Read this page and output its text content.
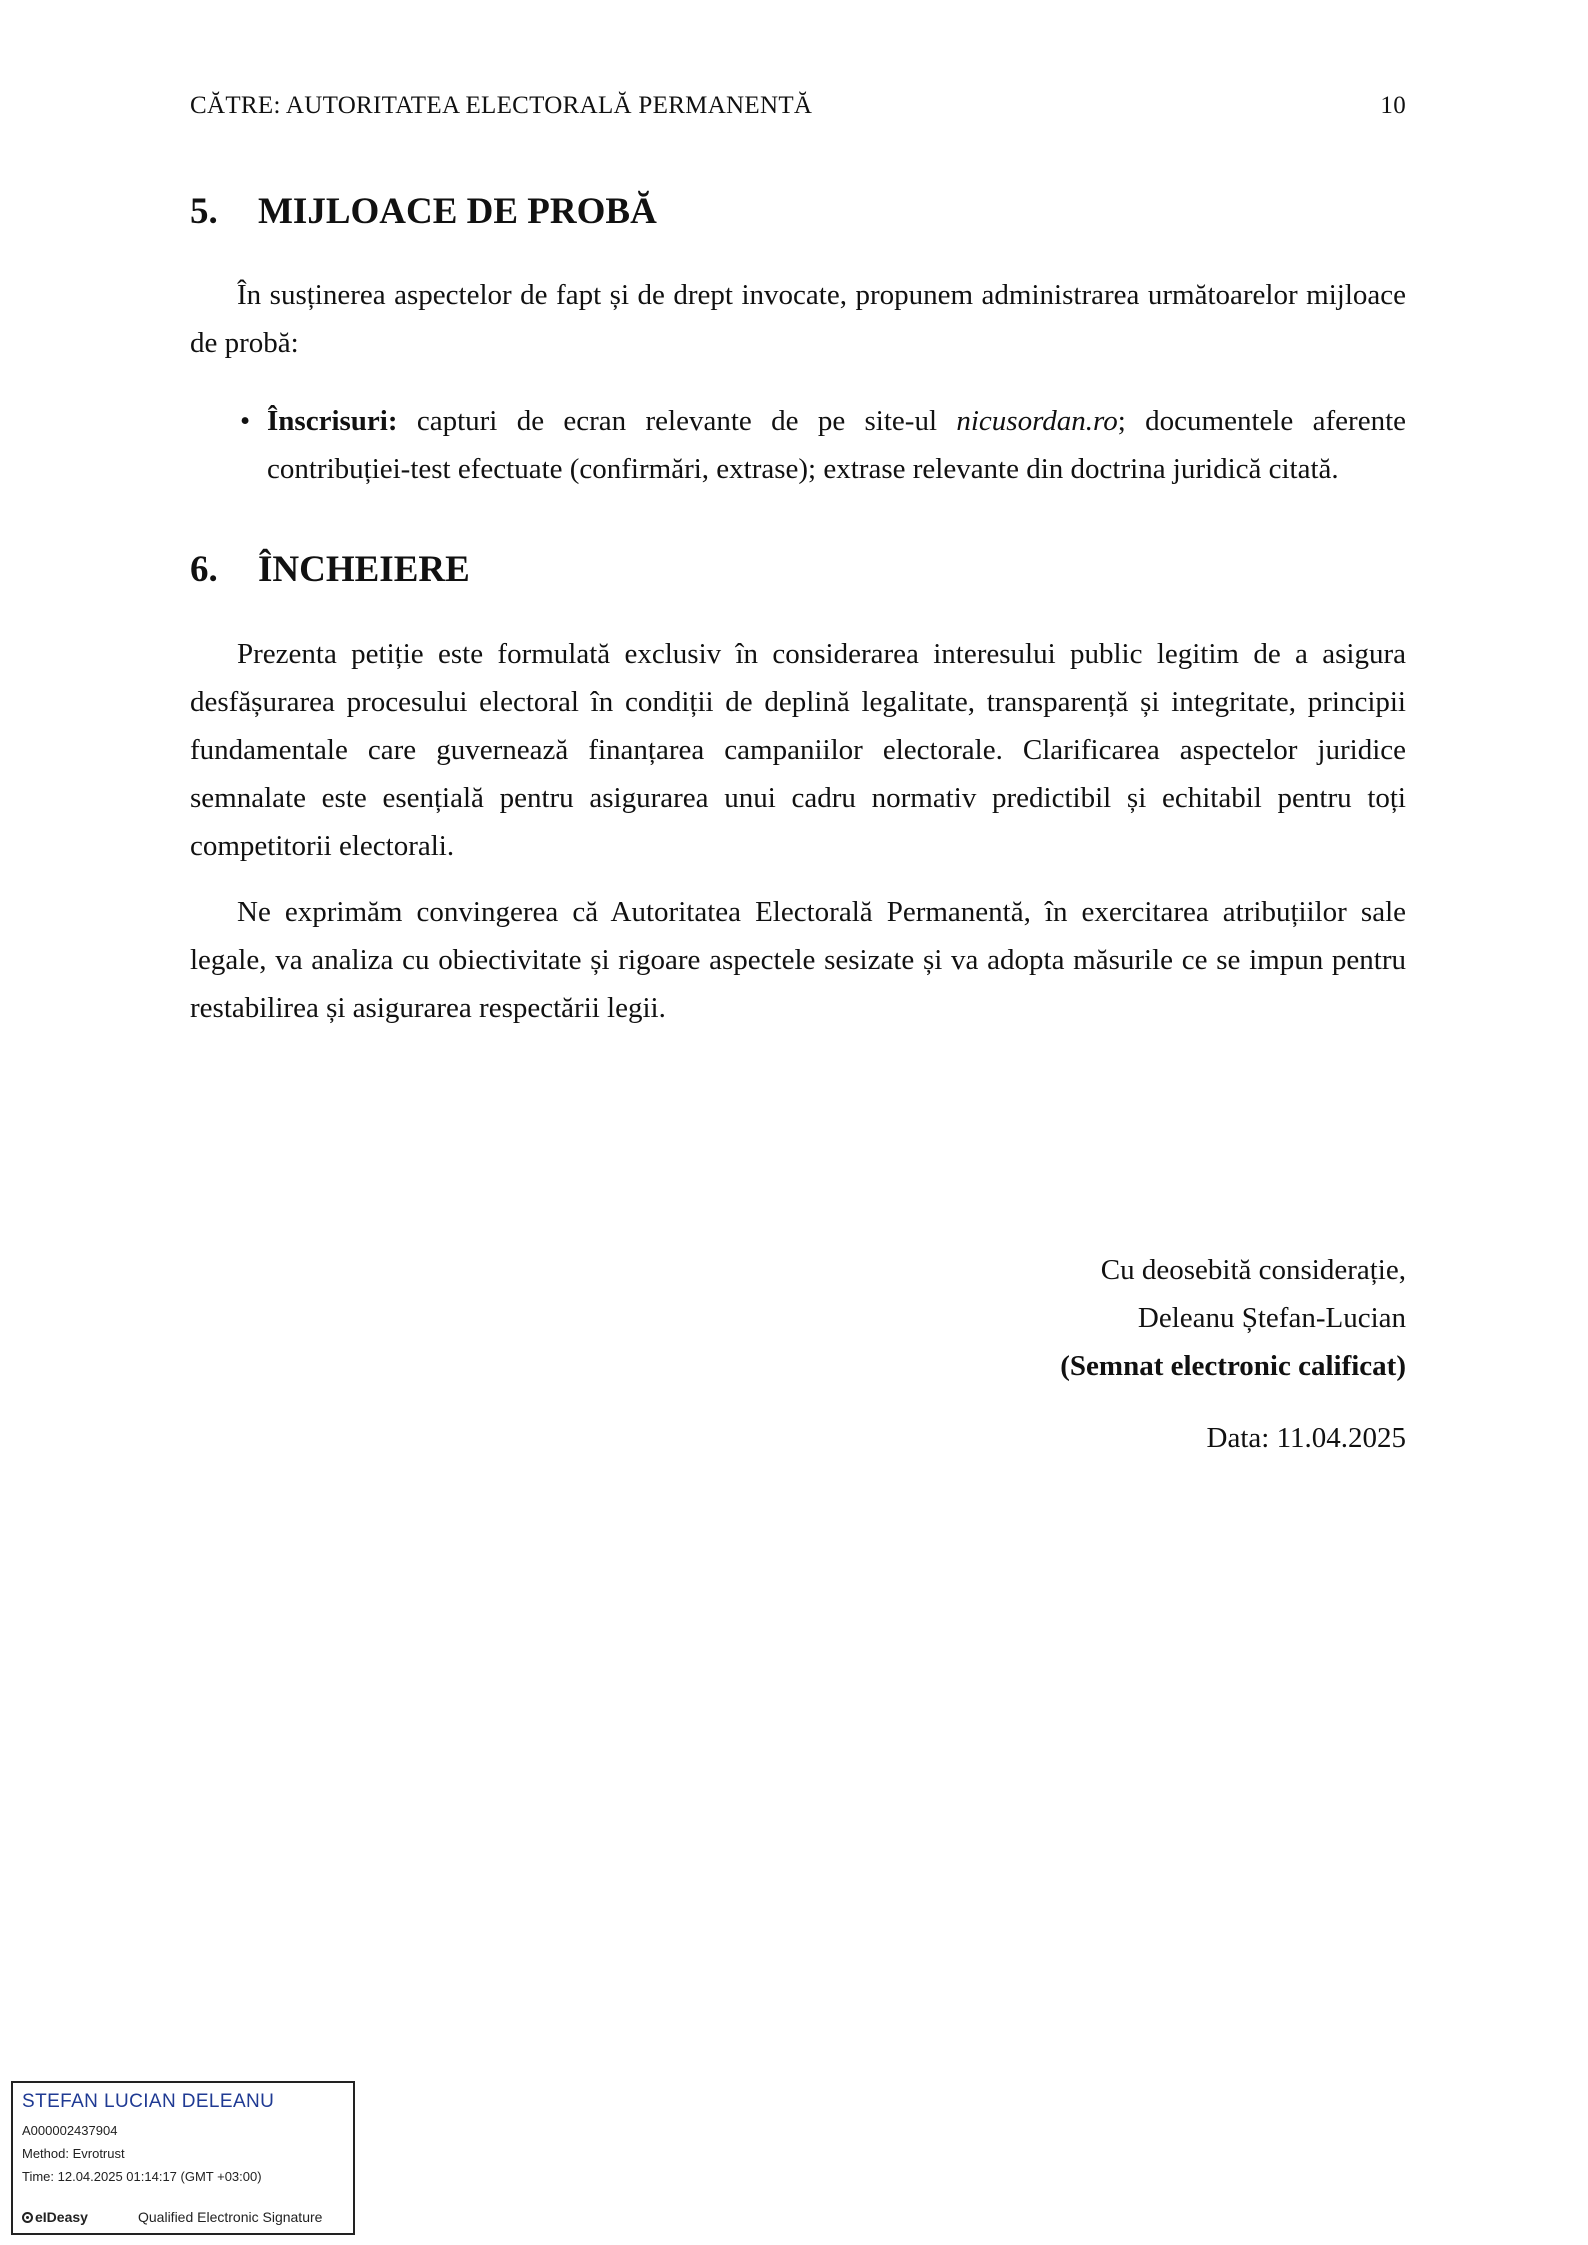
CĂTRE: AUTORITATEA ELECTORALĂ PERMANENTĂ	10
5. MIJLOACE DE PROBĂ

În susținerea aspectelor de fapt și de drept invocate, propunem administrarea următoarelor mijloace de probă:

• Înscrisuri: capturi de ecran relevante de pe site-ul nicusordan.ro; documentele aferente contribuției-test efectuate (confirmări, extrase); extrase relevante din doctrina juridică citată.
6. ÎNCHEIERE

Prezenta petiție este formulată exclusiv în considerarea interesului public legitim de a asigura desfășurarea procesului electoral în condiții de deplină legalitate, transparență și integritate, principii fundamentale care guvernează finanțarea campaniilor electorale. Clarificarea aspectelor juridice semnalate este esențială pentru asigurarea unui cadru normativ predictibil și echitabil pentru toți competitorii electorali.

Ne exprimăm convingerea că Autoritatea Electorală Permanentă, în exercitarea atribuțiilor sale legale, va analiza cu obiectivitate și rigoare aspectele sesizate și va adopta măsurile ce se impun pentru restabilirea și asigurarea respectării legii.

Cu deosebită considerație,
Deleanu Ștefan-Lucian
(Semnat electronic calificat)
Data: 11.04.2025
STEFAN LUCIAN DELEANU
A000002437904
Method: Evrotrust
Time: 12.04.2025 01:14:17 (GMT +03:00)
eIDeasy	Qualified Electronic Signature
